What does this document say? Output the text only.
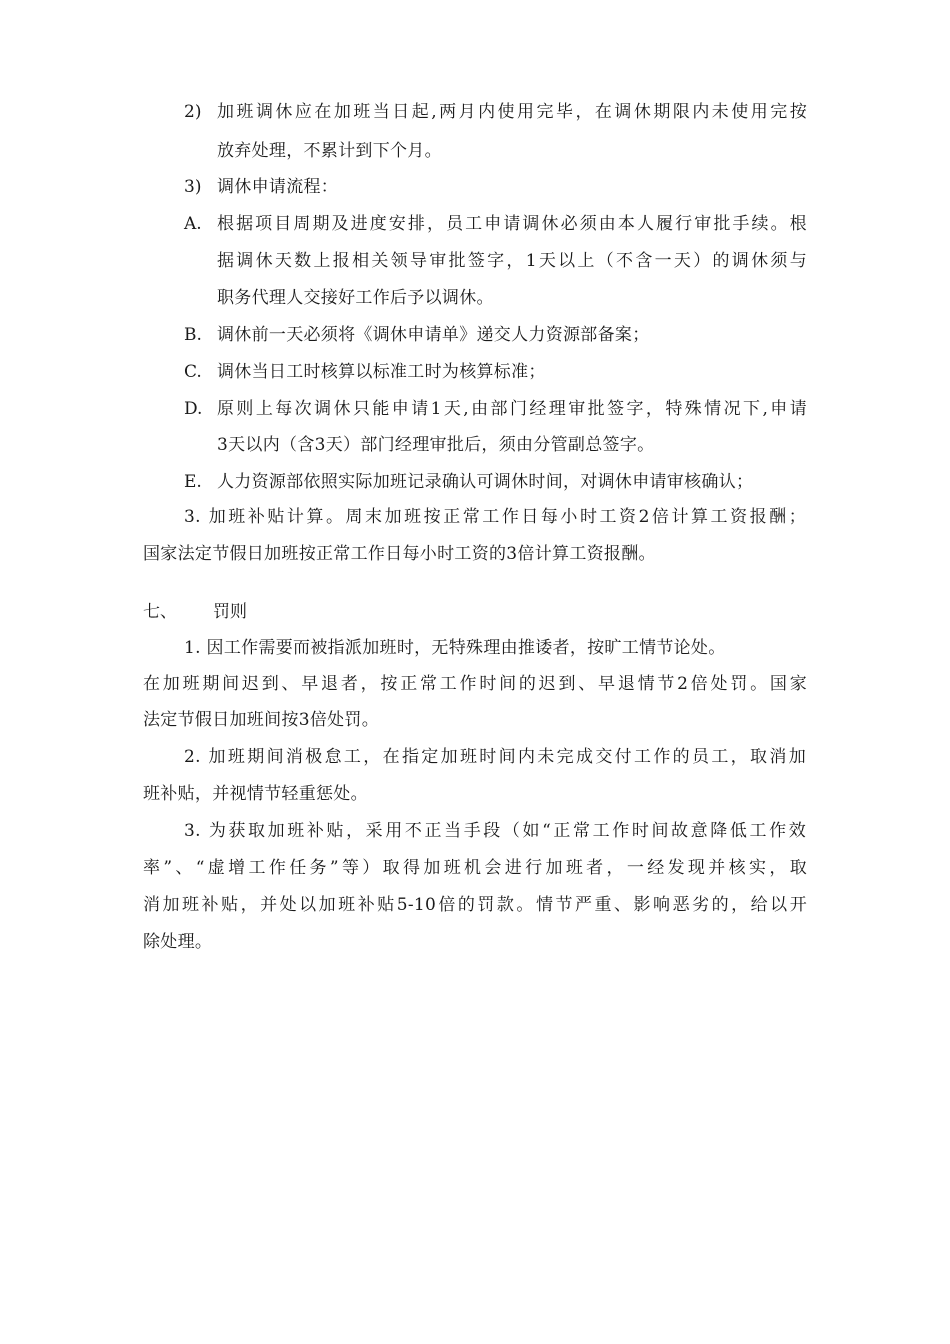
2) 加班调休应在加班当日起,两月内使用完毕，在调休期限内未使用完按
放弃处理，不累计到下个月。
3) 调休申请流程：
A. 根据项目周期及进度安排，员工申请调休必须由本人履行审批手续。根
据调休天数上报相关领导审批签字，1天以上（不含一天）的调休须与
职务代理人交接好工作后予以调休。
B. 调休前一天必须将《调休申请单》递交人力资源部备案；
C. 调休当日工时核算以标准工时为核算标准；
D. 原则上每次调休只能申请1天,由部门经理审批签字，特殊情况下,申请
3天以内（含3天）部门经理审批后，须由分管副总签字。
E. 人力资源部依照实际加班记录确认可调休时间，对调休申请审核确认；
3. 加班补贴计算。周末加班按正常工作日每小时工资2倍计算工资报酬；
国家法定节假日加班按正常工作日每小时工资的3倍计算工资报酬。
七、 罚则
1. 因工作需要而被指派加班时，无特殊理由推诿者，按旷工情节论处。
在加班期间迟到、早退者，按正常工作时间的迟到、早退情节2倍处罚。国家
法定节假日加班间按3倍处罚。
2. 加班期间消极怠工，在指定加班时间内未完成交付工作的员工，取消加
班补贴，并视情节轻重惩处。
3. 为获取加班补贴，采用不正当手段（如“正常工作时间故意降低工作效
率”、“虚增工作任务”等）取得加班机会进行加班者，一经发现并核实，取
消加班补贴，并处以加班补贴5-10倍的罚款。情节严重、影响恶劣的，给以开
除处理。
